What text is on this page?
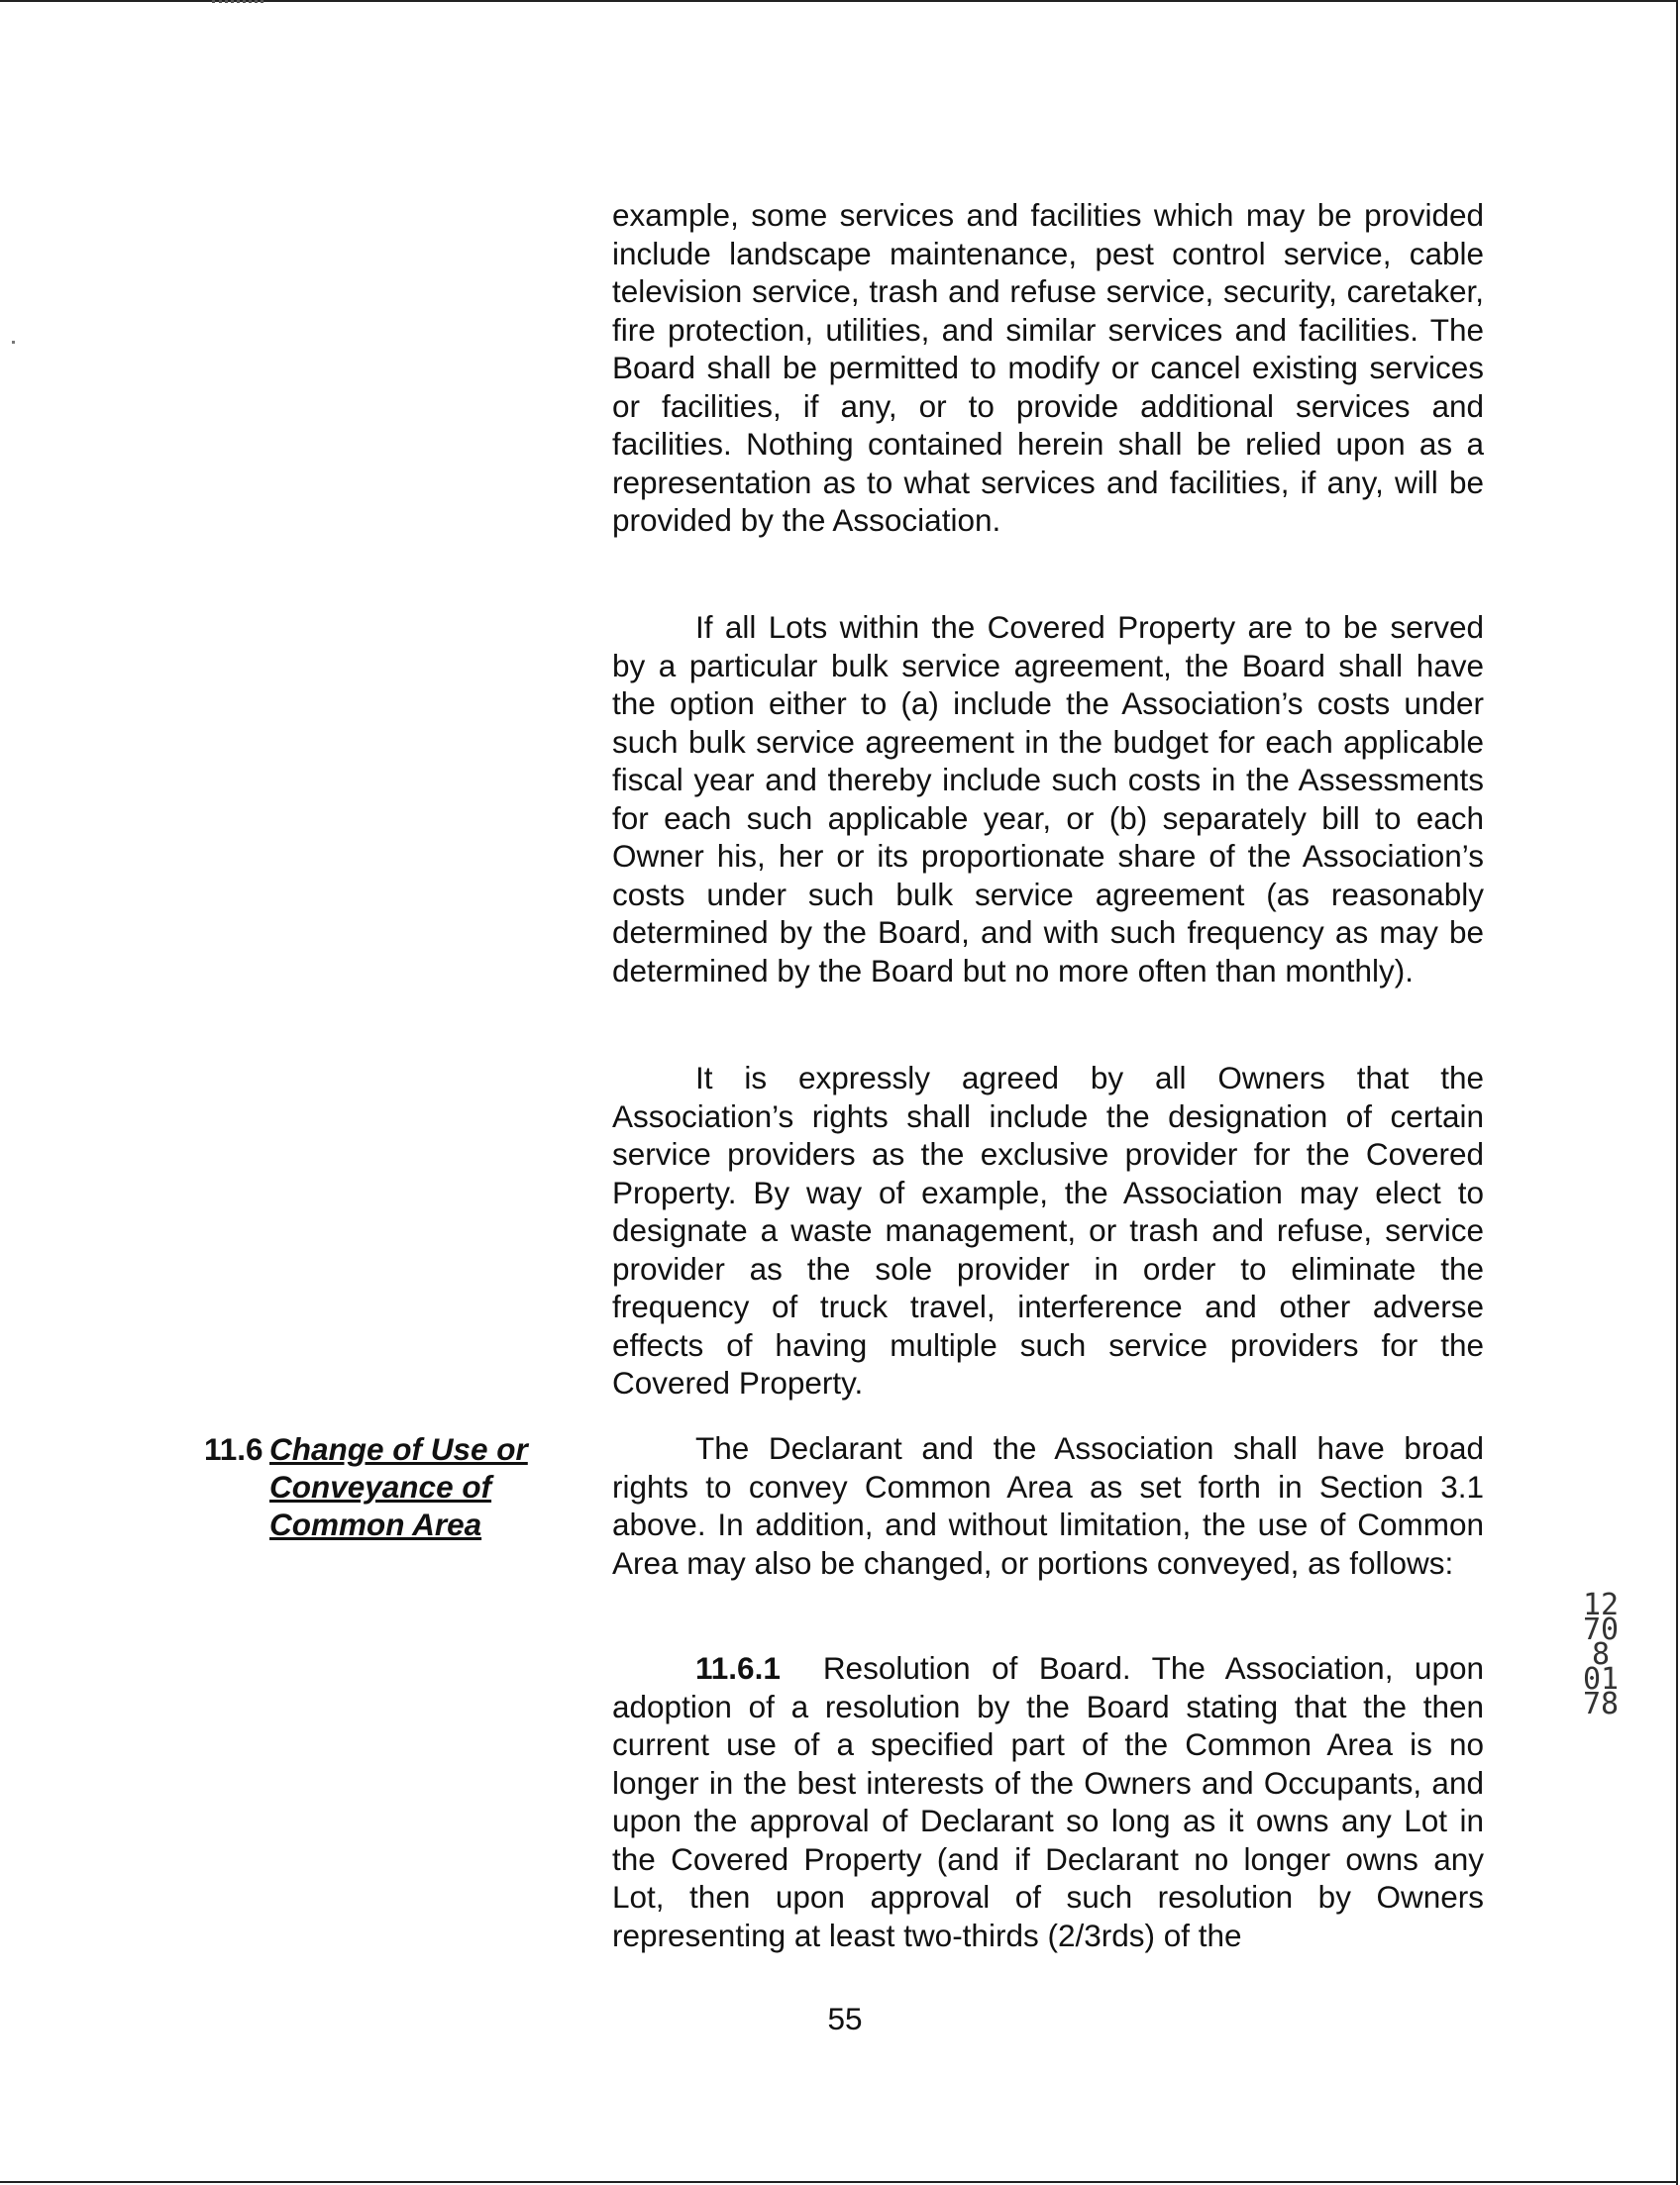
example, some services and facilities which may be provided include landscape maintenance, pest control service, cable television service, trash and refuse service, security, caretaker, fire protection, utilities, and similar services and facilities. The Board shall be permitted to modify or cancel existing services or facilities, if any, or to provide additional services and facilities. Nothing contained herein shall be relied upon as a representation as to what services and facilities, if any, will be provided by the Association.

If all Lots within the Covered Property are to be served by a particular bulk service agreement, the Board shall have the option either to (a) include the Association’s costs under such bulk service agreement in the budget for each applicable fiscal year and thereby include such costs in the Assessments for each such applicable year, or (b) separately bill to each Owner his, her or its proportionate share of the Association’s costs under such bulk service agreement (as reasonably determined by the Board, and with such frequency as may be determined by the Board but no more often than monthly).

It is expressly agreed by all Owners that the Association’s rights shall include the designation of certain service providers as the exclusive provider for the Covered Property. By way of example, the Association may elect to designate a waste management, or trash and refuse, service provider as the sole provider in order to eliminate the frequency of truck travel, interference and other adverse effects of having multiple such service providers for the Covered Property.

11.6 Change of Use or
Conveyance of
Common Area

The Declarant and the Association shall have broad rights to convey Common Area as set forth in Section 3.1 above. In addition, and without limitation, the use of Common Area may also be changed, or portions conveyed, as follows:

11.6.1 Resolution of Board. The Association, upon adoption of a resolution by the Board stating that the then current use of a specified part of the Common Area is no longer in the best interests of the Owners and Occupants, and upon the approval of Declarant so long as it owns any Lot in the Covered Property (and if Declarant no longer owns any Lot, then upon approval of such resolution by Owners representing at least two-thirds (2/3rds) of the

55
12708 0178
